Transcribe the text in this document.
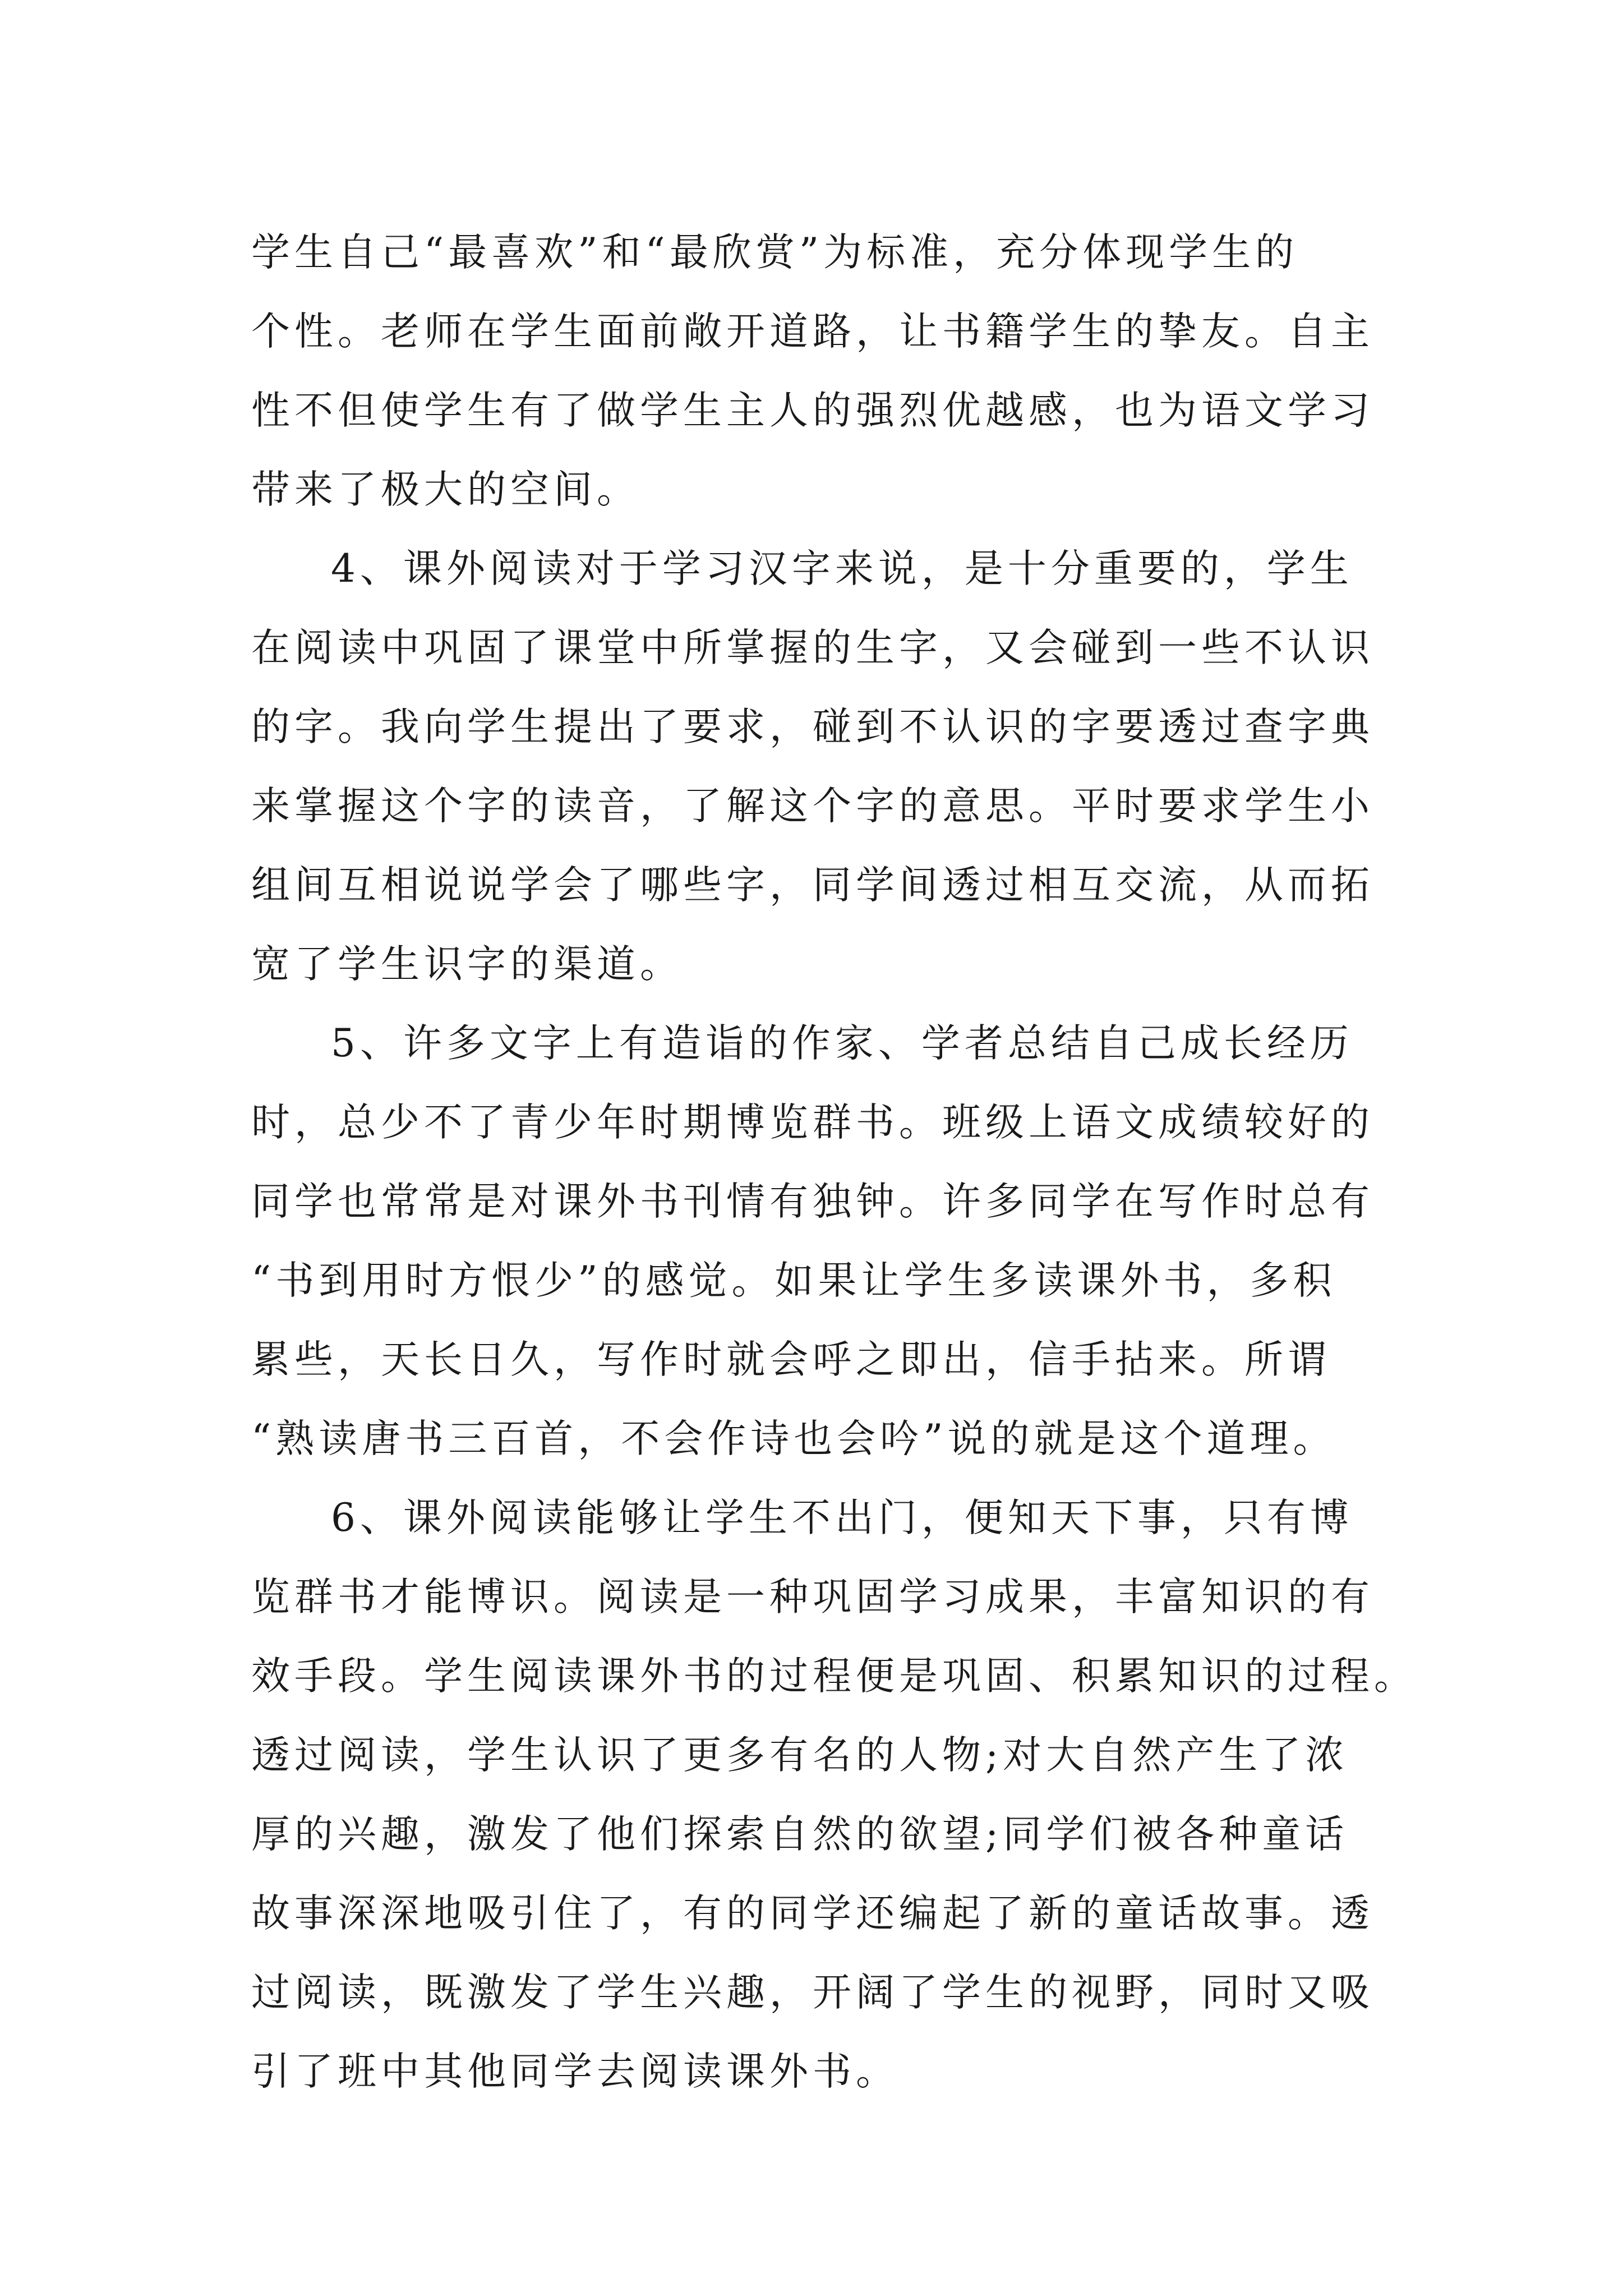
学生自己“最喜欢”和“最欣赏”为标准，充分体现学生的
个性。老师在学生面前敞开道路，让书籍学生的挚友。自主
性不但使学生有了做学生主人的强烈优越感，也为语文学习
带来了极大的空间。
4、课外阅读对于学习汉字来说，是十分重要的，学生
在阅读中巩固了课堂中所掌握的生字，又会碰到一些不认识
的字。我向学生提出了要求，碰到不认识的字要透过查字典
来掌握这个字的读音，了解这个字的意思。平时要求学生小
组间互相说说学会了哪些字，同学间透过相互交流，从而拓
宽了学生识字的渠道。
5、许多文字上有造诣的作家、学者总结自己成长经历
时，总少不了青少年时期博览群书。班级上语文成绩较好的
同学也常常是对课外书刊情有独钟。许多同学在写作时总有
“书到用时方恨少”的感觉。如果让学生多读课外书，多积
累些，天长日久，写作时就会呼之即出，信手拈来。所谓
“熟读唐书三百首，不会作诗也会吟”说的就是这个道理。
6、课外阅读能够让学生不出门，便知天下事，只有博
览群书才能博识。阅读是一种巩固学习成果，丰富知识的有
效手段。学生阅读课外书的过程便是巩固、积累知识的过程。
透过阅读，学生认识了更多有名的人物;对大自然产生了浓
厚的兴趣，激发了他们探索自然的欲望;同学们被各种童话
故事深深地吸引住了，有的同学还编起了新的童话故事。透
过阅读，既激发了学生兴趣，开阔了学生的视野，同时又吸
引了班中其他同学去阅读课外书。
